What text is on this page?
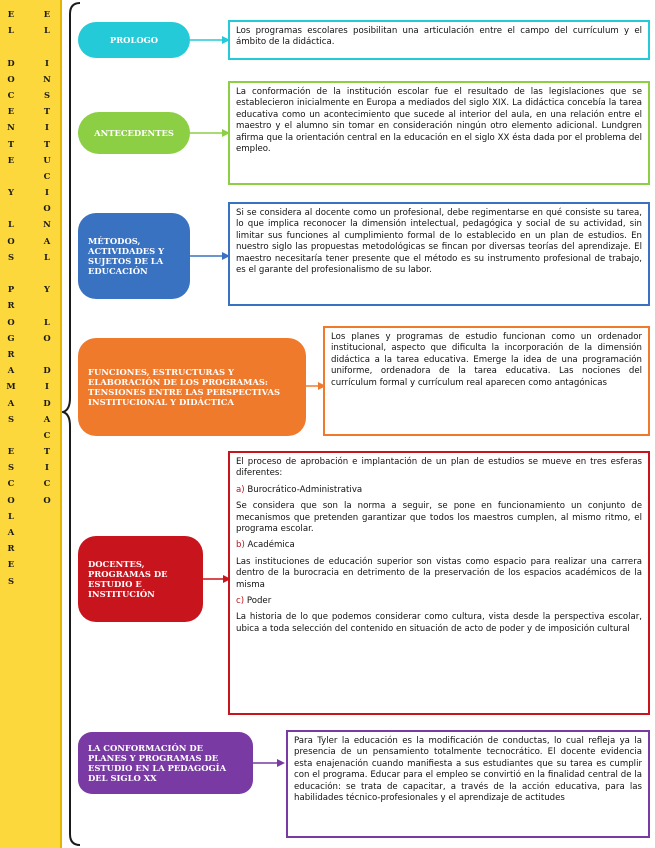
E
L

D
O
C
E
N
T
E

Y

L
O
S

P
R
O
G
R
A
M
A
S

E
S
C
O
L
A
R
E
S
E
L

I
N
S
T
I
T
U
C
I
O
N
A
L

Y

L
O

D
I
D
A
C
T
I
C
O
PROLOGO
Los programas escolares posibilitan una articulación entre el campo del currículum y el ámbito de la didáctica.
ANTECEDENTES
La conformación de la institución escolar fue el resultado de las legislaciones que se establecieron inicialmente en Europa a mediados del siglo XIX. La didáctica concebía la tarea educativa como un acontecimiento que sucede al interior del aula, en una relación entre el maestro y el alumno sin tomar en consideración ningún otro elemento adicional. Lundgren afirma que la orientación central en la educación en el siglo XX ésta dada por el problema del empleo.
MÉTODOS, ACTIVIDADES Y SUJETOS DE LA EDUCACIÓN
Si se considera al docente como un profesional, debe regimentarse en qué consiste su tarea, lo que implica reconocer la dimensión intelectual, pedagógica y social de su actividad, sin limitar sus funciones al cumplimiento formal de lo establecido en un plan de estudios. En nuestro siglo las propuestas metodológicas se fincan por diversas teorías del aprendizaje. El maestro necesitaría tener presente que el método es su instrumento profesional de trabajo, es el garante del profesionalismo de su labor.
FUNCIONES, ESTRUCTURAS Y ELABORACIÓN DE LOS PROGRAMAS: TENSIONES ENTRE LAS PERSPECTIVAS INSTITUCIONAL Y DIDÁCTICA
Los planes y programas de estudio funcionan como un ordenador institucional, aspecto que dificulta la incorporación de la dimensión didáctica a la tarea educativa. Emerge la idea de una programación uniforme, ordenadora de la tarea educativa. Las nociones del currículum formal y currículum real aparecen como antagónicas
DOCENTES, PROGRAMAS DE ESTUDIO E INSTITUCIÓN

El proceso de aprobación e implantación de un plan de estudios se mueve en tres esferas diferentes:

a) Burocrático-Administrativa

Se considera que son la norma a seguir, se pone en funcionamiento un conjunto de mecanismos que pretenden garantizar que todos los maestros cumplen, al mismo ritmo, el programa escolar.

b) Académica

Las instituciones de educación superior son vistas como espacio para realizar una carrera dentro de la burocracia en detrimento de la preservación de los espacios académicos de la misma

c) Poder

La historia de lo que podemos considerar como cultura, vista desde la perspectiva escolar, ubica a toda selección del contenido en situación de acto de poder y de imposición cultural

LA CONFORMACIÓN DE PLANES Y PROGRAMAS DE ESTUDIO EN LA PEDAGOGÍA DEL SIGLO XX
Para Tyler la educación es la modificación de conductas, lo cual refleja ya la presencia de un pensamiento totalmente tecnocrático. El docente evidencia esta enajenación cuando manifiesta a sus estudiantes que su tarea es cumplir con el programa. Educar para el empleo se convirtió en la finalidad central de la educación: se trata de capacitar, a través de la acción educativa, para las habilidades técnico-profesionales y el aprendizaje de actitudes
